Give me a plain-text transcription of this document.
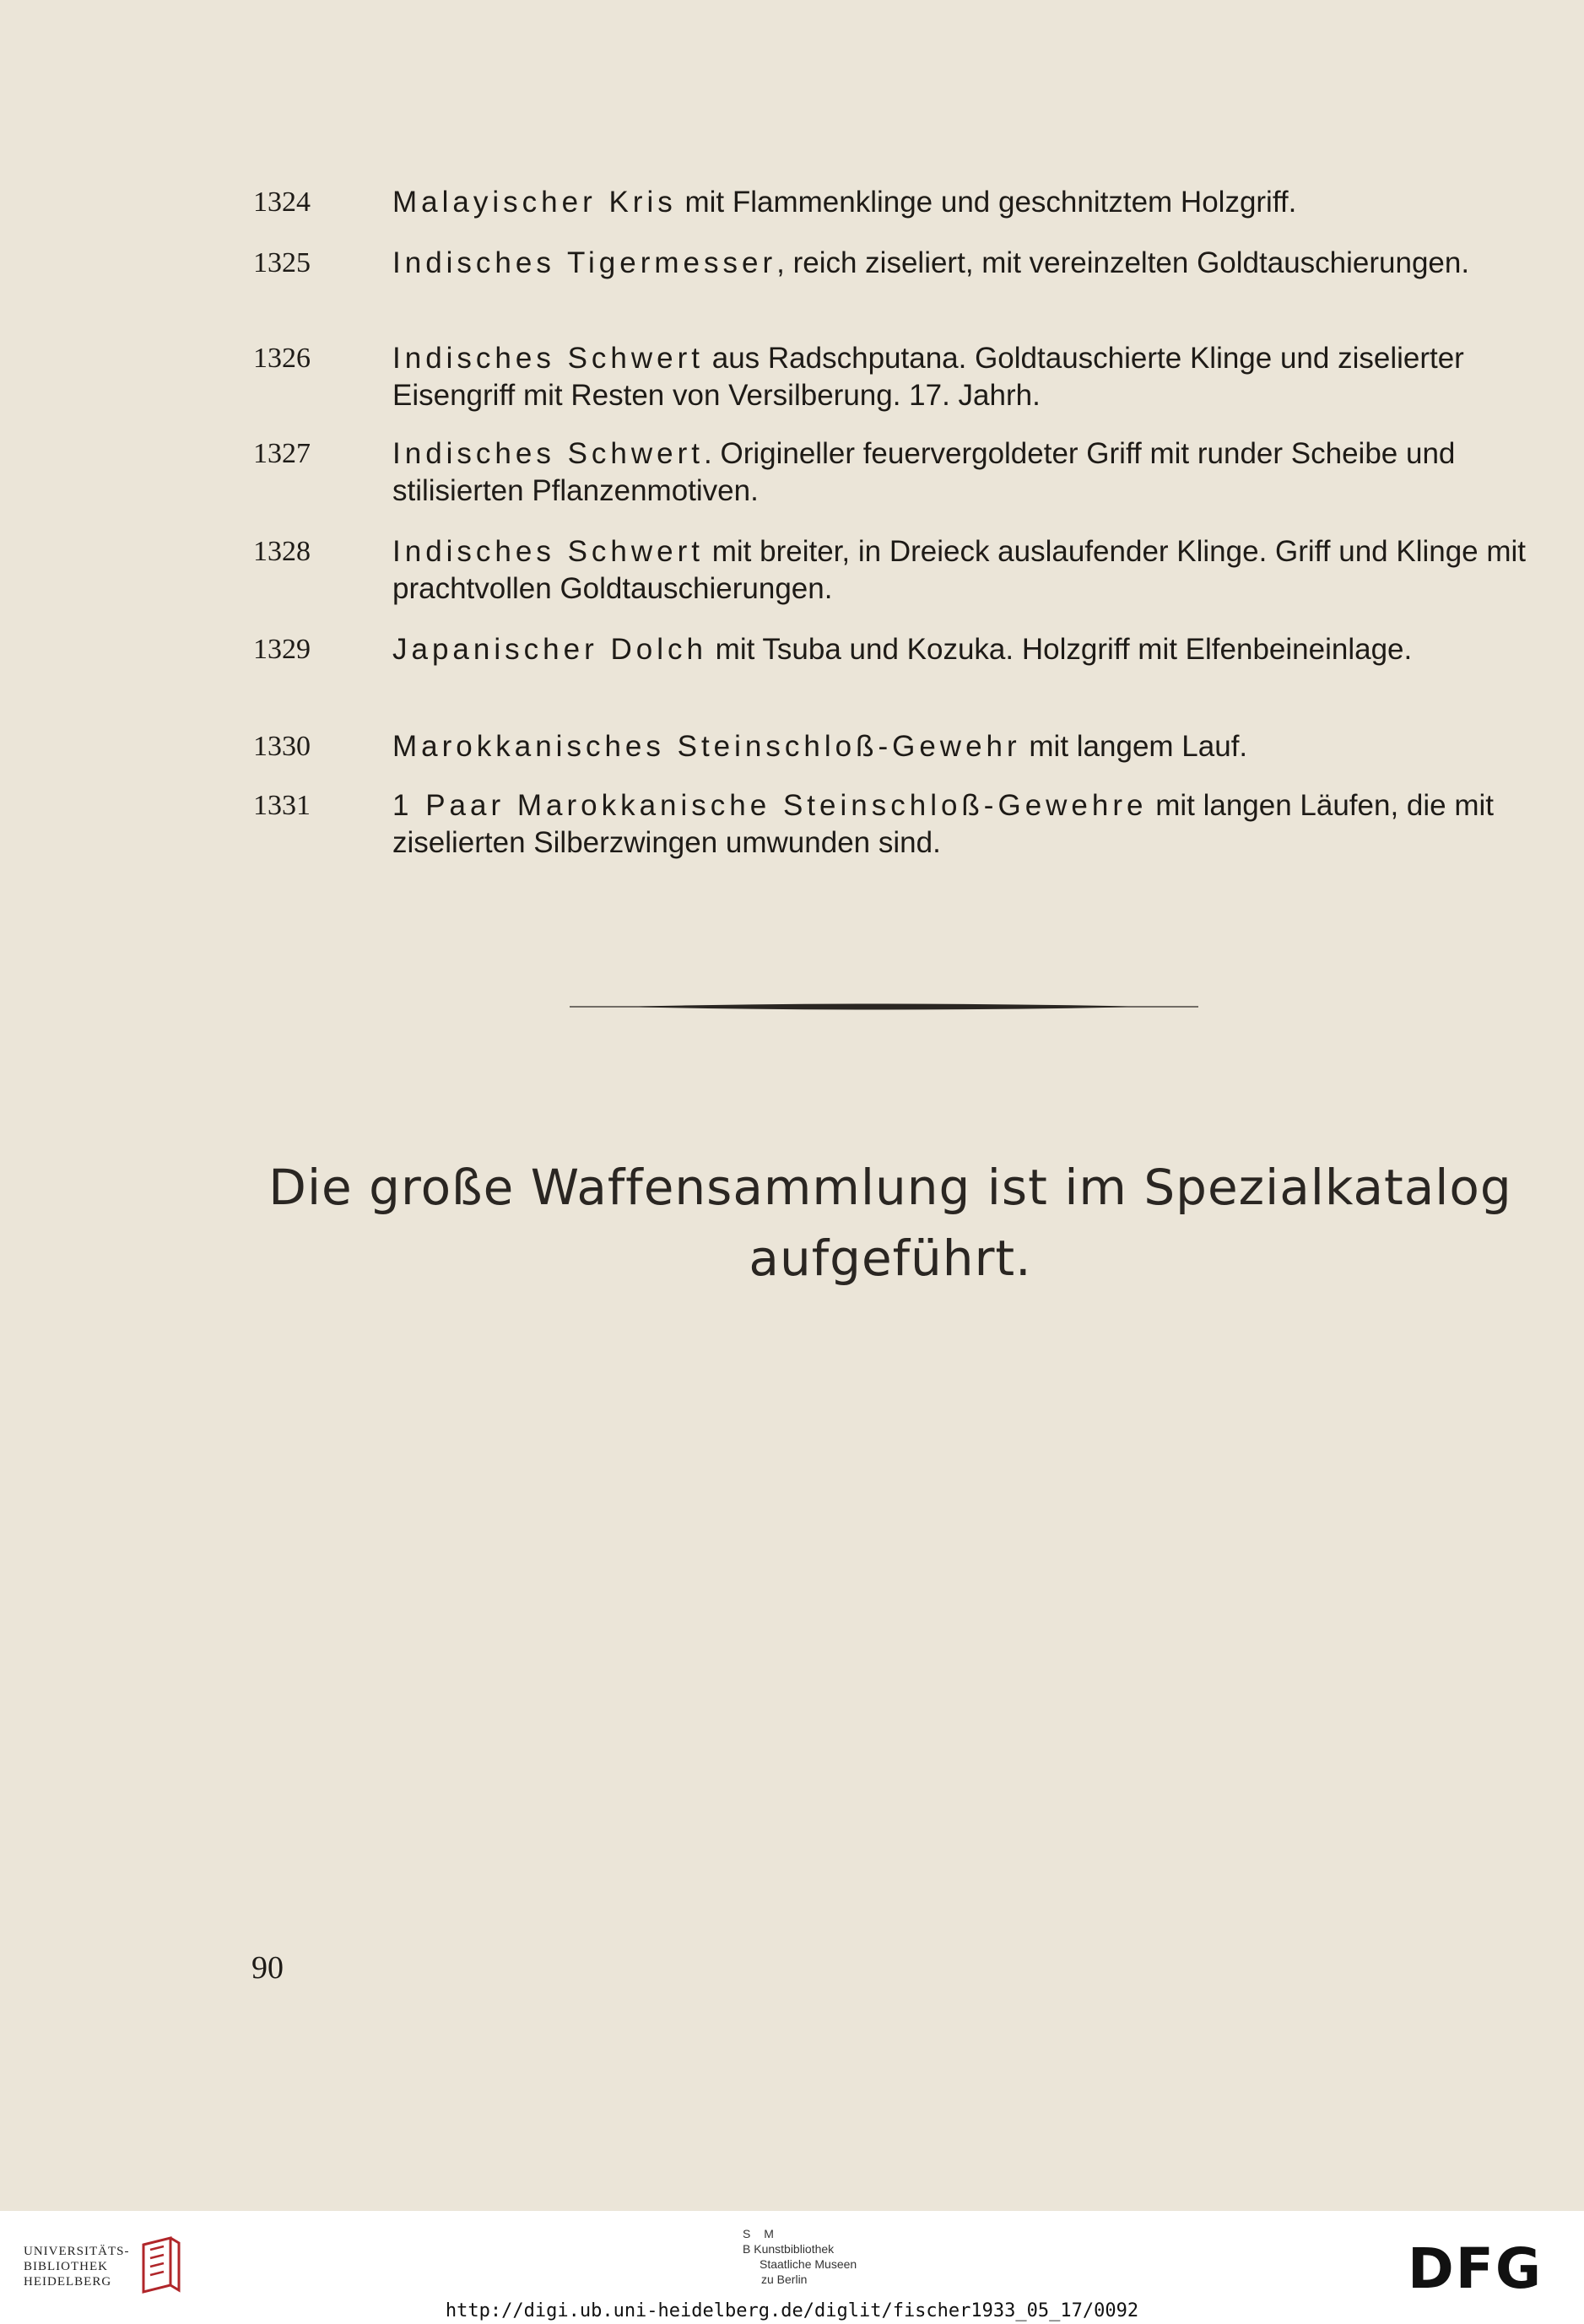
1324	Malayischer Kris mit Flammenklinge und geschnitztem Holzgriff.
1325	Indisches Tigermesser, reich ziseliert, mit vereinzelten Goldtauschierungen.
1326	Indisches Schwert aus Radschputana. Goldtauschierte Klinge und ziselierter Eisengriff mit Resten von Versilberung. 17. Jahrh.
1327	Indisches Schwert. Origineller feuervergoldeter Griff mit runder Scheibe und stilisierten Pflanzenmotiven.
1328	Indisches Schwert mit breiter, in Dreieck auslaufender Klinge. Griff und Klinge mit prachtvollen Goldtauschierungen.
1329	Japanischer Dolch mit Tsuba und Kozuka. Holzgriff mit Elfenbeineinlage.
1330	Marokkanisches Steinschloß-Gewehr mit langem Lauf.
1331	1 Paar Marokkanische Steinschloß-Gewehre mit langen Läufen, die mit ziselierten Silberzwingen umwunden sind.
Die große Waffensammlung ist im Spezialkatalog aufgeführt.
90
UNIVERSITÄTS-
BIBLIOTHEK
HEIDELBERG
S M
B Kunstbibliothek
Staatliche Museen
zu Berlin	DFG
http://digi.ub.uni-heidelberg.de/diglit/fischer1933_05_17/0092
